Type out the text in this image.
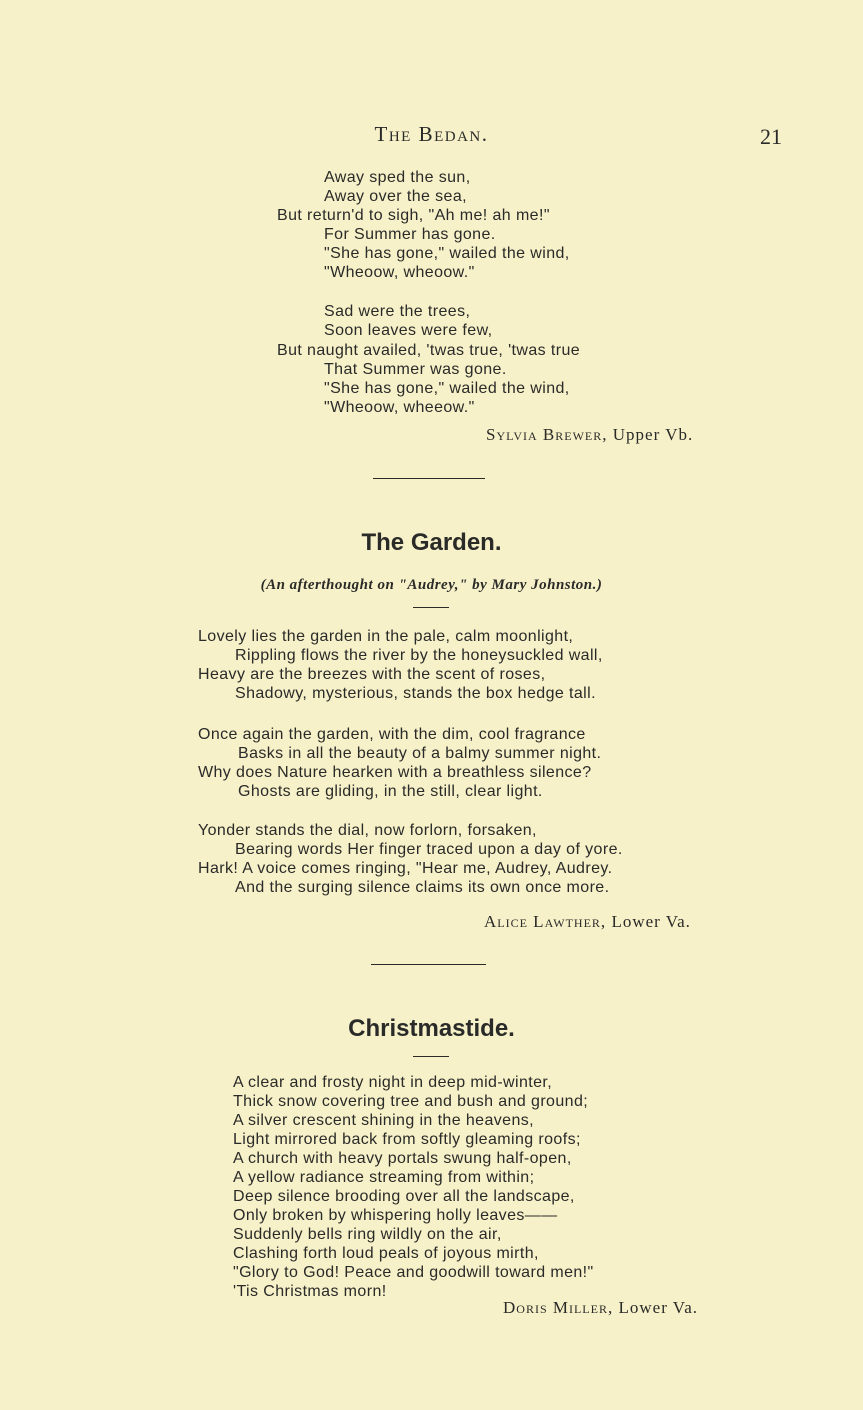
The Bedan.	21
Away sped the sun,
Away over the sea,
But return'd to sigh, "Ah me! ah me!"
For Summer has gone.
"She has gone," wailed the wind,
"Wheoow, wheoow."
Sad were the trees,
Soon leaves were few,
But naught availed, 'twas true, 'twas true
That Summer was gone.
"She has gone," wailed the wind,
"Wheoow, wheeow."
Sylvia Brewer, Upper Vb.
The Garden.
(An afterthought on "Audrey," by Mary Johnston.)
Lovely lies the garden in the pale, calm moonlight,
Rippling flows the river by the honeysuckled wall,
Heavy are the breezes with the scent of roses,
Shadowy, mysterious, stands the box hedge tall.
Once again the garden, with the dim, cool fragrance
Basks in all the beauty of a balmy summer night.
Why does Nature hearken with a breathless silence?
Ghosts are gliding, in the still, clear light.
Yonder stands the dial, now forlorn, forsaken,
Bearing words Her finger traced upon a day of yore.
Hark! A voice comes ringing, "Hear me, Audrey, Audrey.
And the surging silence claims its own once more.
Alice Lawther, Lower Va.
Christmastide.
A clear and frosty night in deep mid-winter,
Thick snow covering tree and bush and ground;
A silver crescent shining in the heavens,
Light mirrored back from softly gleaming roofs;
A church with heavy portals swung half-open,
A yellow radiance streaming from within;
Deep silence brooding over all the landscape,
Only broken by whispering holly leaves——
Suddenly bells ring wildly on the air,
Clashing forth loud peals of joyous mirth,
"Glory to God! Peace and goodwill toward men!"
'Tis Christmas morn!
Doris Miller, Lower Va.
